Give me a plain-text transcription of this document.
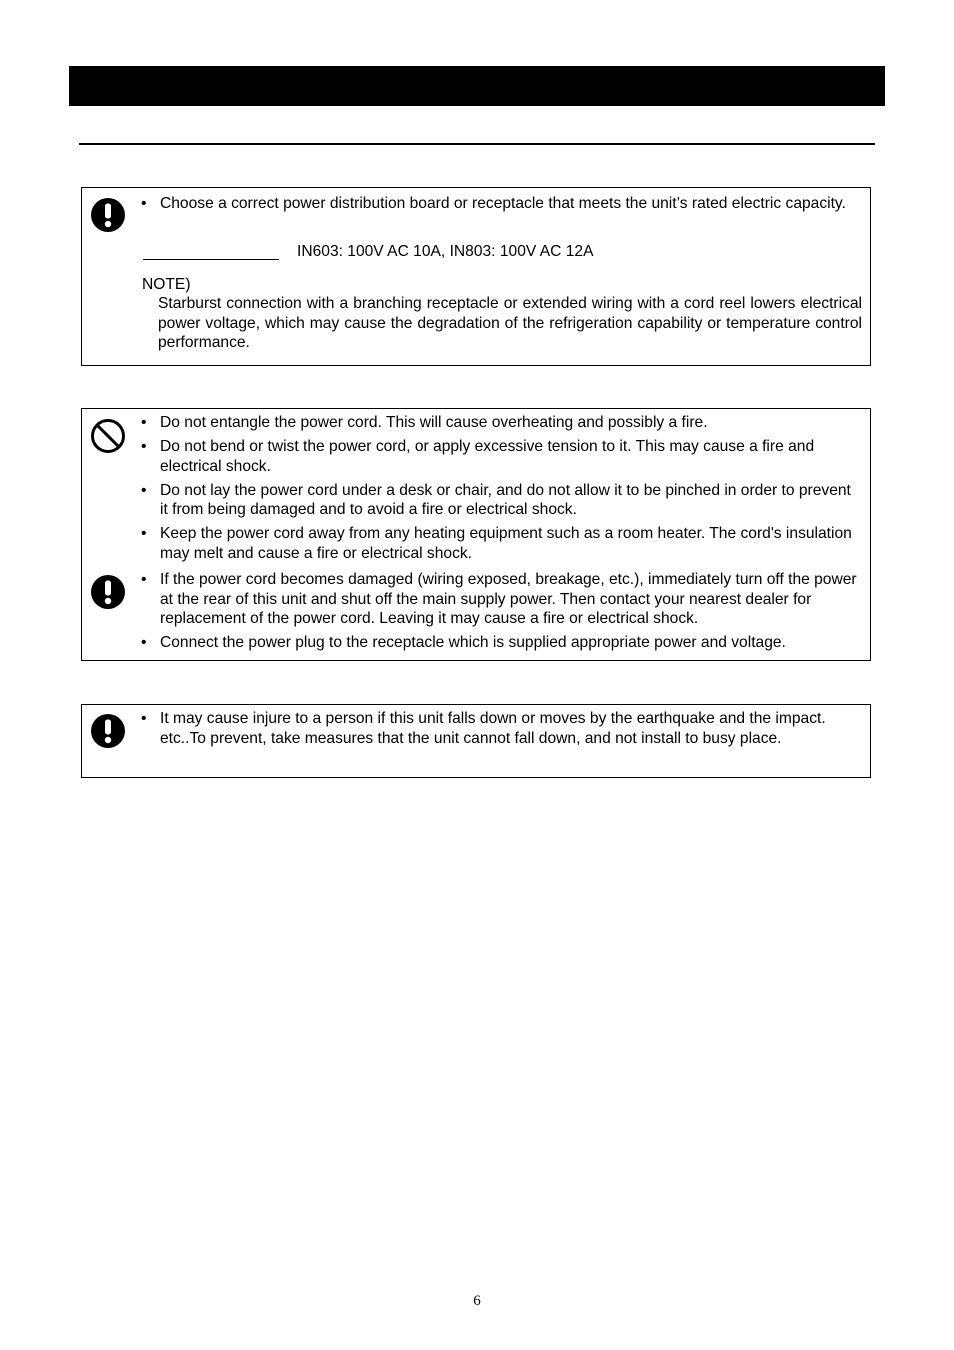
• Choose a correct power distribution board or receptacle that meets the unit’s rated electric capacity.
IN603: 100V AC 10A, IN803: 100V AC 12A
NOTE)
Starburst connection with a branching receptacle or extended wiring with a cord reel lowers electrical power voltage, which may cause the degradation of the refrigeration capability or temperature control performance.
• Do not entangle the power cord. This will cause overheating and possibly a fire.
• Do not bend or twist the power cord, or apply excessive tension to it. This may cause a fire and electrical shock.
• Do not lay the power cord under a desk or chair, and do not allow it to be pinched in order to prevent it from being damaged and to avoid a fire or electrical shock.
• Keep the power cord away from any heating equipment such as a room heater. The cord's insulation may melt and cause a fire or electrical shock.
• If the power cord becomes damaged (wiring exposed, breakage, etc.), immediately turn off the power at the rear of this unit and shut off the main supply power. Then contact your nearest dealer for replacement of the power cord. Leaving it may cause a fire or electrical shock.
• Connect the power plug to the receptacle which is supplied appropriate power and voltage.
• It may cause injure to a person if this unit falls down or moves by the earthquake and the impact. etc..To prevent, take measures that the unit cannot fall down, and not install to busy place.
6
